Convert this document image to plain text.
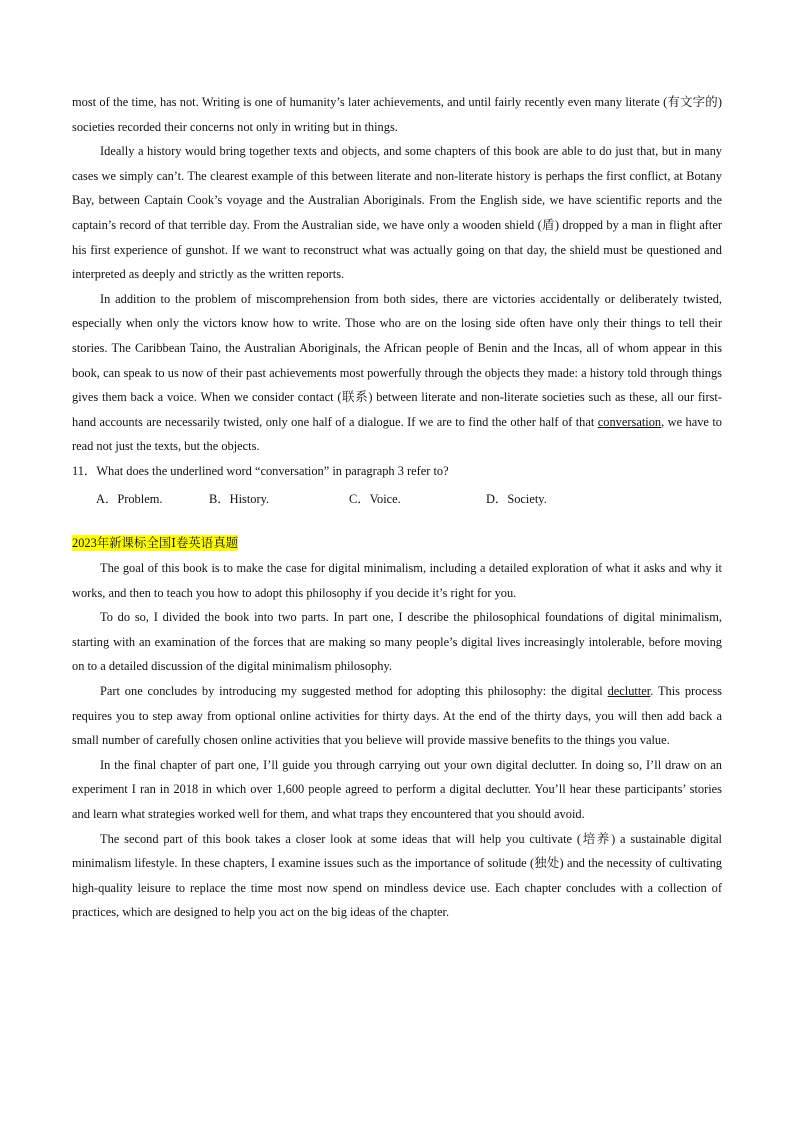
most of the time, has not. Writing is one of humanity’s later achievements, and until fairly recently even many literate (有文字的) societies recorded their concerns not only in writing but in things.

Ideally a history would bring together texts and objects, and some chapters of this book are able to do just that, but in many cases we simply can’t. The clearest example of this between literate and non-literate history is perhaps the first conflict, at Botany Bay, between Captain Cook’s voyage and the Australian Aboriginals. From the English side, we have scientific reports and the captain’s record of that terrible day. From the Australian side, we have only a wooden shield (盾) dropped by a man in flight after his first experience of gunshot. If we want to reconstruct what was actually going on that day, the shield must be questioned and interpreted as deeply and strictly as the written reports.

In addition to the problem of miscomprehension from both sides, there are victories accidentally or deliberately twisted, especially when only the victors know how to write. Those who are on the losing side often have only their things to tell their stories. The Caribbean Taino, the Australian Aboriginals, the African people of Benin and the Incas, all of whom appear in this book, can speak to us now of their past achievements most powerfully through the objects they made: a history told through things gives them back a voice. When we consider contact (联系) between literate and non-literate societies such as these, all our first-hand accounts are necessarily twisted, only one half of a dialogue. If we are to find the other half of that conversation, we have to read not just the texts, but the objects.

11．What does the underlined word “conversation” in paragraph 3 refer to?

A．Problem.	B．History.	C．Voice.	D．Society.
2023年新课标全国Ⅰ卷英语真题

The goal of this book is to make the case for digital minimalism, including a detailed exploration of what it asks and why it works, and then to teach you how to adopt this philosophy if you decide it’s right for you.

To do so, I divided the book into two parts. In part one, I describe the philosophical foundations of digital minimalism, starting with an examination of the forces that are making so many people’s digital lives increasingly intolerable, before moving on to a detailed discussion of the digital minimalism philosophy.

Part one concludes by introducing my suggested method for adopting this philosophy: the digital declutter. This process requires you to step away from optional online activities for thirty days. At the end of the thirty days, you will then add back a small number of carefully chosen online activities that you believe will provide massive benefits to the things you value.

In the final chapter of part one, I’ll guide you through carrying out your own digital declutter. In doing so, I’ll draw on an experiment I ran in 2018 in which over 1,600 people agreed to perform a digital declutter. You’ll hear these participants’ stories and learn what strategies worked well for them, and what traps they encountered that you should avoid.

The second part of this book takes a closer look at some ideas that will help you cultivate (培养) a sustainable digital minimalism lifestyle. In these chapters, I examine issues such as the importance of solitude (独处) and the necessity of cultivating high-quality leisure to replace the time most now spend on mindless device use. Each chapter concludes with a collection of practices, which are designed to help you act on the big ideas of the chapter.
